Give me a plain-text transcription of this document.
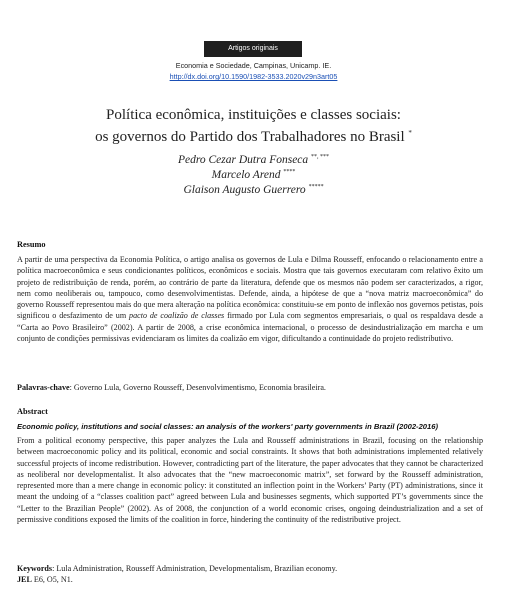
Artigos originais
Economia e Sociedade, Campinas, Unicamp. IE.
http://dx.doi.org/10.1590/1982-3533.2020v29n3art05
Política econômica, instituições e classes sociais:
os governos do Partido dos Trabalhadores no Brasil *
Pedro Cezar Dutra Fonseca **, ***
Marcelo Arend ****
Glaison Augusto Guerrero *****
Resumo
A partir de uma perspectiva da Economia Política, o artigo analisa os governos de Lula e Dilma Rousseff, enfocando o relacionamento entre a política macroeconômica e seus condicionantes políticos, econômicos e sociais. Mostra que tais governos executaram com relativo êxito um projeto de redistribuição de renda, porém, ao contrário de parte da literatura, defende que os mesmos não podem ser caracterizados, a rigor, nem como neoliberais ou, tampouco, como desenvolvimentistas. Defende, ainda, a hipótese de que a “nova matriz macroeconômica” do governo Rousseff representou mais do que mera alteração na política econômica: constituiu-se em ponto de inflexão nos governos petistas, pois significou o desfazimento de um pacto de coalizão de classes firmado por Lula com segmentos empresariais, o qual os respaldava desde a “Carta ao Povo Brasileiro” (2002). A partir de 2008, a crise econômica internacional, o processo de desindustrialização em marcha e um conjunto de condições permissivas evidenciaram os limites da coalizão em vigor, dificultando a continuidade do projeto redistributivo.
Palavras-chave: Governo Lula, Governo Rousseff, Desenvolvimentismo, Economia brasileira.
Abstract
Economic policy, institutions and social classes: an analysis of the workers' party governments in Brazil (2002-2016)
From a political economy perspective, this paper analyzes the Lula and Rousseff administrations in Brazil, focusing on the relationship between macroeconomic policy and its political, economic and social constraints. It shows that both administrations implemented relatively successful projects of income redistribution. However, contradicting part of the literature, the paper advocates that they cannot be characterized as neoliberal nor developmentalist. It also advocates that the “new macroeconomic matrix”, set forward by the Rousseff administration, represented more than a mere change in economic policy: it constituted an inflection point in the Workers’ Party (PT) administrations, since it meant the undoing of a “classes coalition pact” agreed between Lula and businesses segments, which supported PT’s governments since the “Letter to the Brazilian People” (2002). As of 2008, the conjunction of a world economic crises, ongoing deindustrialization and a set of permissive conditions exposed the limits of the coalition in force, hindering the continuity of the redistributive project.
Keywords: Lula Administration, Rousseff Administration, Developmentalism, Brazilian economy.
JEL E6, O5, N1.
